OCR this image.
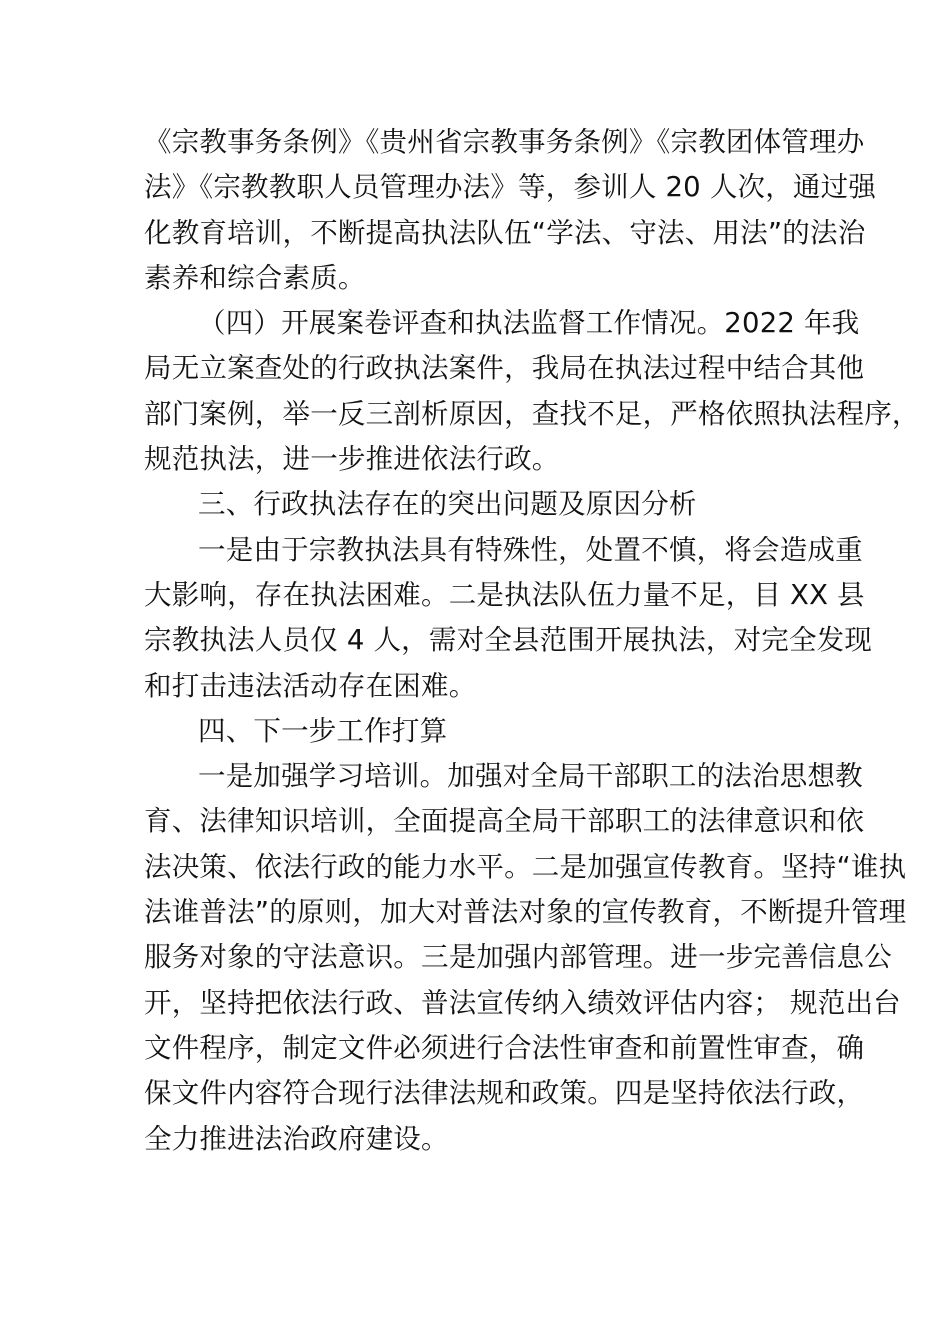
《宗教事务条例》《贵州省宗教事务条例》《宗教团体管理办
法》《宗教教职人员管理办法》等，参训人 20 人次，通过强
化教育培训，不断提高执法队伍“学法、守法、用法”的法治
素养和综合素质。
（四）开展案卷评查和执法监督工作情况。2022 年我
局无立案查处的行政执法案件，我局在执法过程中结合其他
部门案例，举一反三剖析原因，查找不足，严格依照执法程序，
规范执法，进一步推进依法行政。
三、行政执法存在的突出问题及原因分析
一是由于宗教执法具有特殊性，处置不慎，将会造成重
大影响，存在执法困难。二是执法队伍力量不足，目 XX 县
宗教执法人员仅 4 人，需对全县范围开展执法，对完全发现
和打击违法活动存在困难。
四、下一步工作打算
一是加强学习培训。加强对全局干部职工的法治思想教
育、法律知识培训，全面提高全局干部职工的法律意识和依
法决策、依法行政的能力水平。二是加强宣传教育。坚持“谁执
法谁普法”的原则，加大对普法对象的宣传教育，不断提升管理
服务对象的守法意识。三是加强内部管理。进一步完善信息公
开，坚持把依法行政、普法宣传纳入绩效评估内容； 规范出台
文件程序，制定文件必须进行合法性审查和前置性审查，确
保文件内容符合现行法律法规和政策。四是坚持依法行政，
全力推进法治政府建设。
